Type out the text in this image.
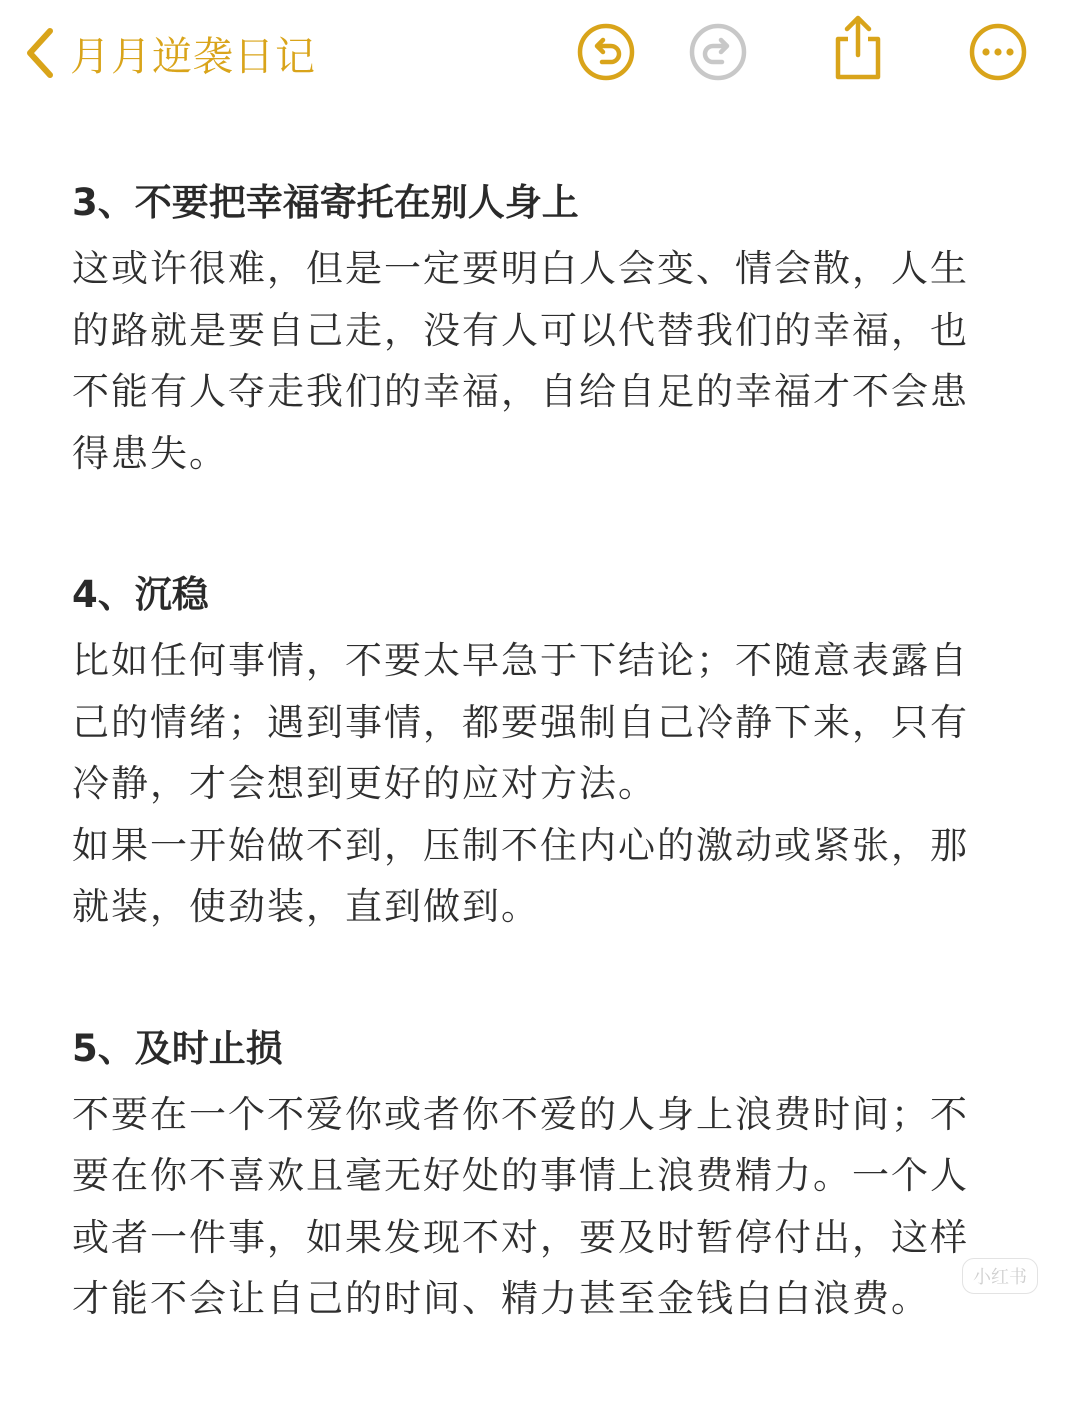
月月逆袭日记
3、不要把幸福寄托在别人身上

这或许很难，但是一定要明白人会变、情会散，人生的路就是要自己走，没有人可以代替我们的幸福，也不能有人夺走我们的幸福，自给自足的幸福才不会患得患失。

4、沉稳

比如任何事情，不要太早急于下结论；不随意表露自己的情绪；遇到事情，都要强制自己冷静下来，只有冷静，才会想到更好的应对方法。

如果一开始做不到，压制不住内心的激动或紧张，那就装，使劲装，直到做到。

5、及时止损

不要在一个不爱你或者你不爱的人身上浪费时间；不要在你不喜欢且毫无好处的事情上浪费精力。一个人或者一件事，如果发现不对，要及时暂停付出，这样才能不会让自己的时间、精力甚至金钱白白浪费。	小红书
